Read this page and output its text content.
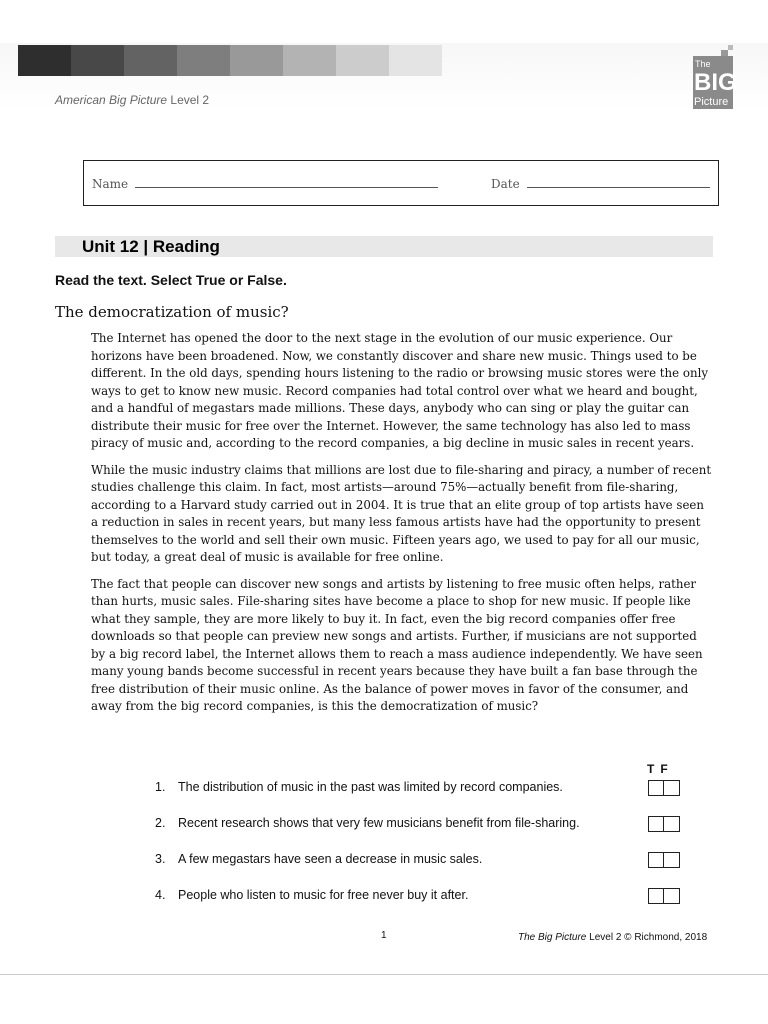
American Big Picture Level 2
The
BIG
Picture
Name	Date
Unit 12 | Reading
Read the text. Select True or False.
The democratization of music?

The Internet has opened the door to the next stage in the evolution of our music experience. Our horizons have been broadened. Now, we constantly discover and share new music. Things used to be different. In the old days, spending hours listening to the radio or browsing music stores were the only ways to get to know new music. Record companies had total control over what we heard and bought, and a handful of megastars made millions. These days, anybody who can sing or play the guitar can distribute their music for free over the Internet. However, the same technology has also led to mass piracy of music and, according to the record companies, a big decline in music sales in recent years.

While the music industry claims that millions are lost due to file-sharing and piracy, a number of recent studies challenge this claim. In fact, most artists—around 75%—actually benefit from file-sharing, according to a Harvard study carried out in 2004. It is true that an elite group of top artists have seen a reduction in sales in recent years, but many less famous artists have had the opportunity to present themselves to the world and sell their own music. Fifteen years ago, we used to pay for all our music, but today, a great deal of music is available for free online.

The fact that people can discover new songs and artists by listening to free music often helps, rather than hurts, music sales. File-sharing sites have become a place to shop for new music. If people like what they sample, they are more likely to buy it. In fact, even the big record companies offer free downloads so that people can preview new songs and artists. Further, if musicians are not supported by a big record label, the Internet allows them to reach a mass audience independently. We have seen many young bands become successful in recent years because they have built a fan base through the free distribution of their music online. As the balance of power moves in favor of the consumer, and away from the big record companies, is this the democratization of music?

TF
1. The distribution of music in the past was limited by record companies.
2. Recent research shows that very few musicians benefit from file-sharing.
3. A few megastars have seen a decrease in music sales.
4. People who listen to music for free never buy it after.
1	The Big Picture Level 2 © Richmond, 2018
